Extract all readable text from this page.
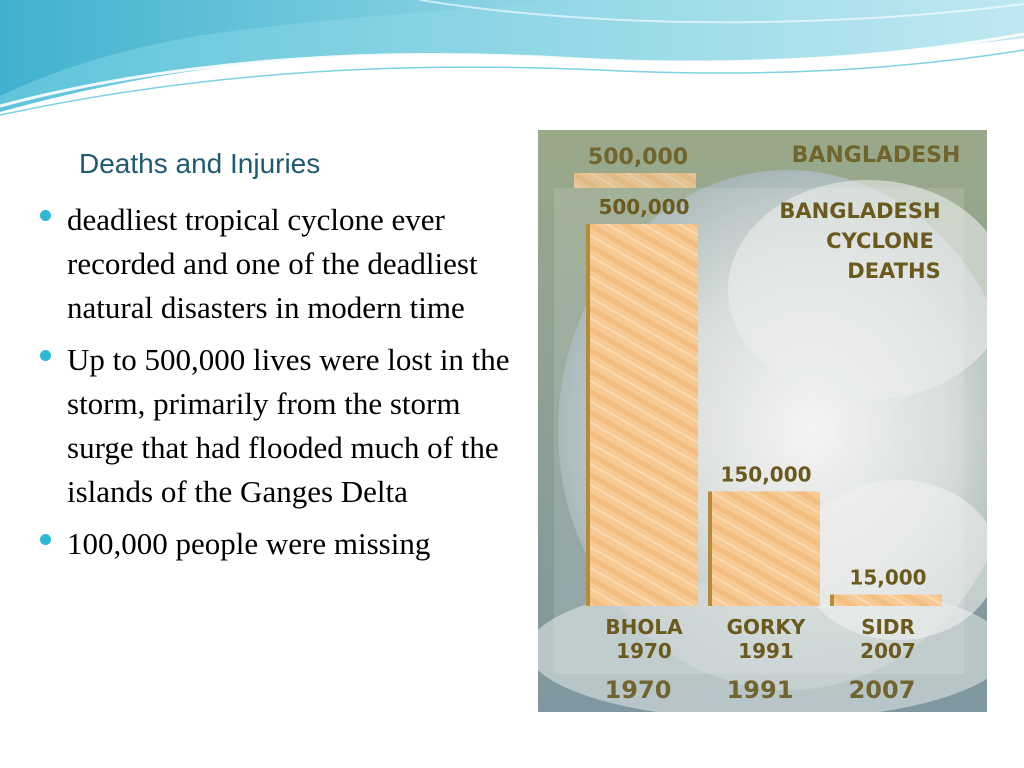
Deaths and Injuries
deadliest tropical cyclone ever recorded and one of the deadliest natural disasters in modern time
Up to 500,000 lives were lost in the storm, primarily from the storm surge that had flooded much of the islands of the Ganges Delta
100,000 people were missing
500,000	BANGLADESH
1970 1991 2007
BANGLADESH
CYCLONE
DEATHS
500,000
BHOLA
1970
150,000
GORKY
1991
15,000
SIDR
2007
